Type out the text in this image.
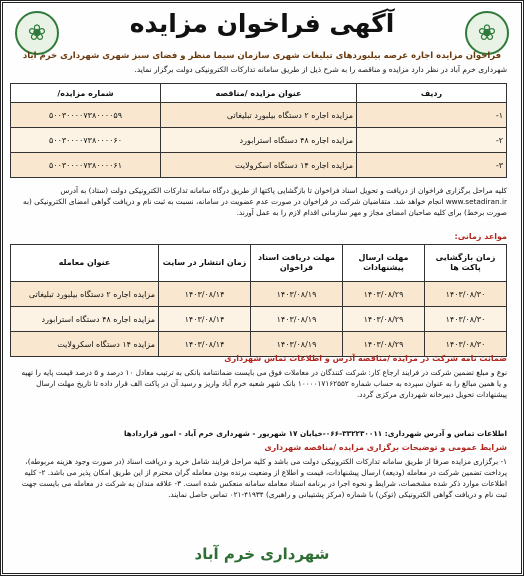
❀
❀	آگهی فراخوان مزایده
فراخوان مزایده اجاره عرصه بیلبوردهای تبلیغات شهری سازمان سیما منظر و فضای سبز شهری شهرداری خرم آباد
شهرداری خرم آباد در نظر دارد مزایده و مناقصه را به شرح ذیل از طریق سامانه تدارکات الکترونیکی دولت برگزار نماید.
ردیف	عنوان مزایده /مناقصه	شماره مزایده/
۱-	مزایده اجاره ۲ دستگاه بیلبورد تبلیغاتی	۵۰۰۳۰۰۰۰۷۳۸۰۰۰۰۵۹
۲-	مزایده اجاره ۴۸ دستگاه استرابورد	۵۰۰۳۰۰۰۰۷۳۸۰۰۰۰۶۰
۳-	مزایده اجاره ۱۴ دستگاه اسکرولایت	۵۰۰۳۰۰۰۰۷۳۸۰۰۰۰۶۱
کلیه مراحل برگزاری فراخوان از دریافت و تحویل اسناد فراخوان تا بازگشایی پاکتها از طریق درگاه سامانه تدارکات الکترونیکی دولت (ستاد) به آدرس www.setadiran.ir انجام خواهد شد. متقاضیان شرکت در فراخوان در صورت عدم عضویت در سامانه، نسبت به ثبت نام و دریافت گواهی امضای الکترونیکی (به صورت برخط) برای کلیه صاحبان امضای مجاز و مهر سازمانی اقدام لازم را به عمل آورند.
مواعد زمانی:
زمان بازگشایی پاکت ها	مهلت ارسال پیشنهادات	مهلت دریافت اسناد فراخوان	زمان انتشار در سایت	عنوان معامله
۱۴۰۳/۰۸/۳۰	۱۴۰۳/۰۸/۲۹	۱۴۰۳/۰۸/۱۹	۱۴۰۳/۰۸/۱۴	مزایده اجاره ۲ دستگاه بیلبورد تبلیغاتی
۱۴۰۳/۰۸/۳۰	۱۴۰۳/۰۸/۲۹	۱۴۰۳/۰۸/۱۹	۱۴۰۳/۰۸/۱۴	مزایده اجاره ۴۸ دستگاه استرابورد
۱۴۰۳/۰۸/۳۰	۱۴۰۳/۰۸/۲۹	۱۴۰۳/۰۸/۱۹	۱۴۰۳/۰۸/۱۴	مزایده ۱۴ دستگاه اسکرولایت
ضمانت نامه شرکت در مزایده /مناقصه آدرس و اطلاعات تماس شهرداری
نوع و مبلغ تضمین شرکت در فرایند ارجاع کار: شرکت کنندگان در معاملات فوق می بایست ضمانتنامه بانکی به ترتیب معادل ۱۰ درصد و ۵ درصد قیمت پایه را تهیه و یا همین مبالغ را به عنوان سپرده به حساب شماره ۱۰۰۰۰۱۷۱۶۲۵۵۲ بانک شهر شعبه خرم آباد واریز و رسید آن در پاکت الف قرار داده تا تاریخ مهلت ارسال پیشنهادات تحویل دبیرخانه شهرداری مرکزی گردد.
اطلاعات تماس و آدرس شهرداری: ۳۳۲۲۳۰۰۱۱-۰۶۶-خیابان ۱۷ شهریور - شهرداری خرم آباد - امور قراردادها
شرایط عمومی و توضیحات برگزاری مزایده /مناقصه شهرداری
۱- برگزاری مزایده صرفا از طریق سامانه تدارکات الکترونیکی دولت می باشد و کلیه مراحل فرایند شامل خرید و دریافت اسناد (در صورت وجود هزینه مربوطه)، پرداخت تضمین شرکت در معامله (ودیعه) ارسال پیشنهادات، قیمت و اطلاع از وضعیت برنده بودن معامله گران محترم از این طریق امکان پذیر می باشد. ۲- کلیه اطلاعات موارد ذکر شده مشخصات، شرایط و نحوه اجرا در برنامه اسناد معامله سامانه منعکس شده است. ۳- علاقه مندان به شرکت در معامله می بایست جهت ثبت نام و دریافت گواهی الکترونیکی (توکن) با شماره (مرکز پشتیبانی و راهبری) ۴۱۹۳۴-۰۲۱ تماس حاصل نمایند.
شهرداری خرم آباد
